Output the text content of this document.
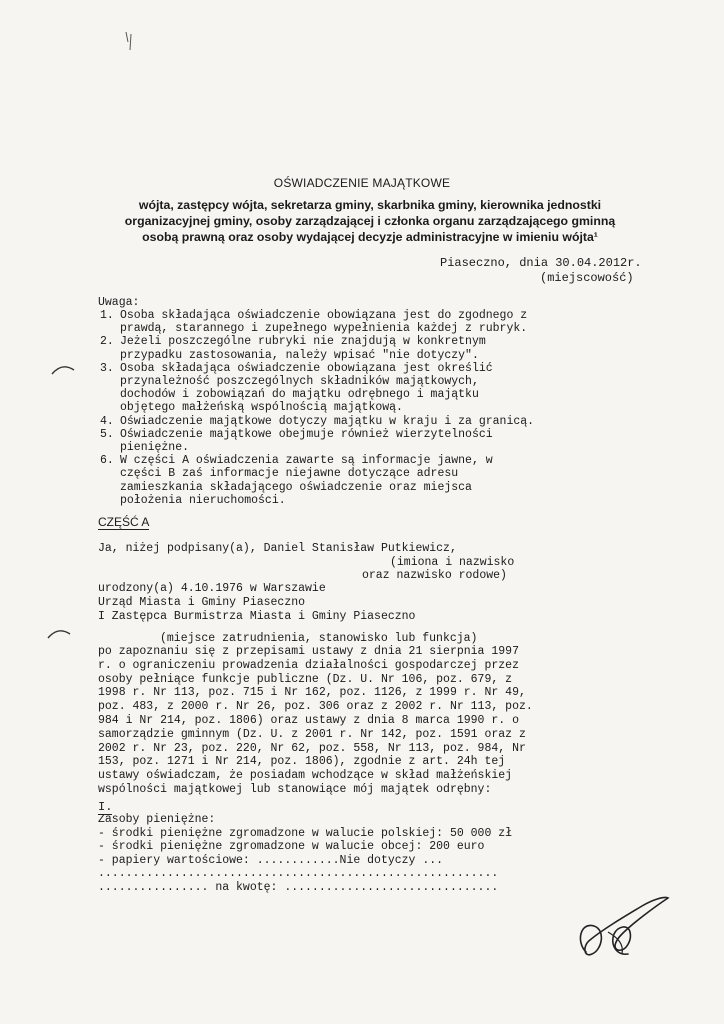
OŚWIADCZENIE MAJĄTKOWE
wójta, zastępcy wójta, sekretarza gminy, skarbnika gminy, kierownika jednostki organizacyjnej gminy, osoby zarządzającej i członka organu zarządzającego gminną osobą prawną oraz osoby wydającej decyzje administracyjne w imieniu wójta¹
Piaseczno, dnia 30.04.2012r.
(miejscowość)
Uwaga:
1. Osoba składająca oświadczenie obowiązana jest do zgodnego z
prawdą, starannego i zupełnego wypełnienia każdej z rubryk.
2. Jeżeli poszczególne rubryki nie znajdują w konkretnym
przypadku zastosowania, należy wpisać "nie dotyczy".
3. Osoba składająca oświadczenie obowiązana jest określić
przynależność poszczególnych składników majątkowych,
dochodów i zobowiązań do majątku odrębnego i majątku
objętego małżeńską wspólnością majątkową.
4. Oświadczenie majątkowe dotyczy majątku w kraju i za granicą.
5. Oświadczenie majątkowe obejmuje również wierzytelności
pieniężne.
6. W części A oświadczenia zawarte są informacje jawne, w
części B zaś informacje niejawne dotyczące adresu
zamieszkania składającego oświadczenie oraz miejsca
położenia nieruchomości.
CZĘŚĆ A
Ja, niżej podpisany(a), Daniel Stanisław Putkiewicz,
(imiona i nazwisko
oraz nazwisko rodowe)
urodzony(a) 4.10.1976 w Warszawie
Urząd Miasta i Gminy Piaseczno
I Zastępca Burmistrza Miasta i Gminy Piaseczno
(miejsce zatrudnienia, stanowisko lub funkcja)
po zapoznaniu się z przepisami ustawy z dnia 21 sierpnia 1997
r. o ograniczeniu prowadzenia działalności gospodarczej przez
osoby pełniące funkcje publiczne (Dz. U. Nr 106, poz. 679, z
1998 r. Nr 113, poz. 715 i Nr 162, poz. 1126, z 1999 r. Nr 49,
poz. 483, z 2000 r. Nr 26, poz. 306 oraz z 2002 r. Nr 113, poz.
984 i Nr 214, poz. 1806) oraz ustawy z dnia 8 marca 1990 r. o
samorządzie gminnym (Dz. U. z 2001 r. Nr 142, poz. 1591 oraz z
2002 r. Nr 23, poz. 220, Nr 62, poz. 558, Nr 113, poz. 984, Nr
153, poz. 1271 i Nr 214, poz. 1806), zgodnie z art. 24h tej
ustawy oświadczam, że posiadam wchodzące w skład małżeńskiej
wspólności majątkowej lub stanowiące mój majątek odrębny:
I.
Zasoby pieniężne:
- środki pieniężne zgromadzone w walucie polskiej: 50 000 zł
- środki pieniężne zgromadzone w walucie obcej: 200 euro
- papiery wartościowe: ............Nie dotyczy ...
..........................................................
................ na kwotę: ...............................
